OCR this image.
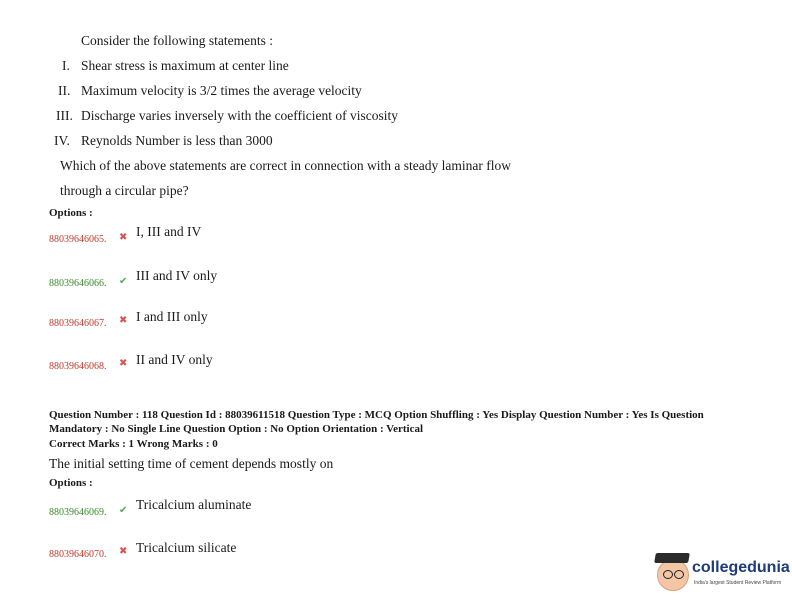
Consider the following statements :
I. Shear stress is maximum at center line
II. Maximum velocity is 3/2 times the average velocity
III. Discharge varies inversely with the coefficient of viscosity
IV. Reynolds Number is less than 3000
Which of the above statements are correct in connection with a steady laminar flow
through a circular pipe?
Options :
88039646065. ✖ I, III and IV
88039646066. ✔ III and IV only
88039646067. ✖ I and III only
88039646068. ✖ II and IV only
Question Number : 118 Question Id : 88039611518 Question Type : MCQ Option Shuffling : Yes Display Question Number : Yes Is Question
Mandatory : No Single Line Question Option : No Option Orientation : Vertical
Correct Marks : 1 Wrong Marks : 0
The initial setting time of cement depends mostly on
Options :
88039646069. ✔ Tricalcium aluminate
88039646070. ✖ Tricalcium silicate
collegedunia
India's largest Student Review Platform
